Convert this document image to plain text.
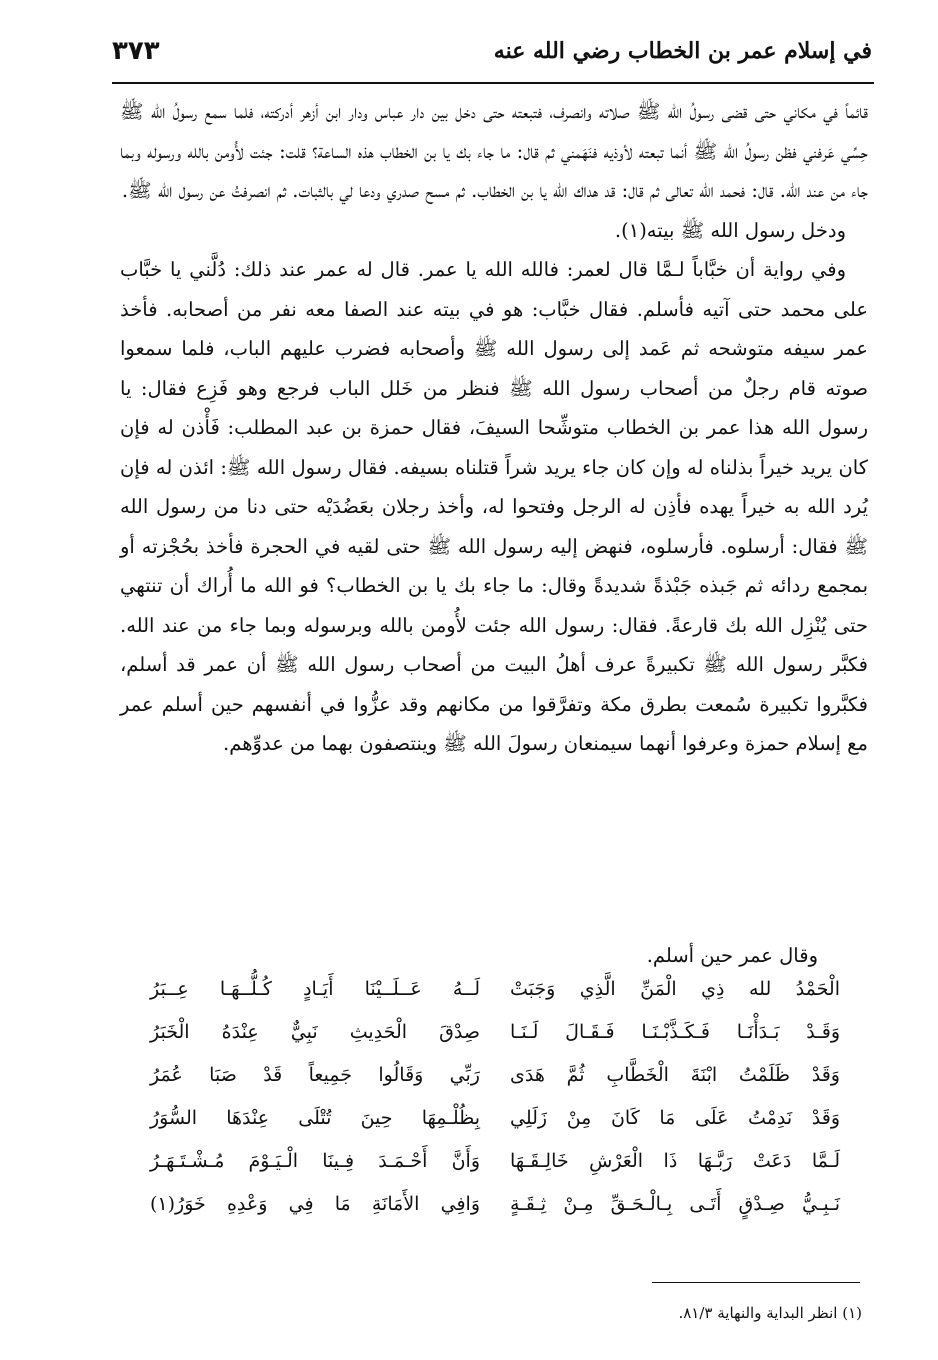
في إسلام عمر بن الخطاب رضي الله عنه
٣٧٣

قائماً في مكاني حتى قضى رسولُ الله ﷺ صلاته وانصرف، فتبعته حتى دخل بين دار عباس ودار ابن أزهر أدركته، فلما سمع رسولُ الله ﷺ حِسِّي عَرفني فظن رسولُ الله ﷺ أنما تبعته لأوذيه فنَهَمني ثم قال: ما جاء بك يا بن الخطاب هذه الساعة؟ قلت: جئت لأُومن بالله ورسوله وبما جاء من عند الله. قال: فحمد الله تعالى ثم قال: قد هداك الله يا بن الخطاب. ثم مسح صدري ودعا لي بالثبات. ثم انصرفتُ عن رسول الله ﷺ.

ودخل رسول الله ﷺ بيته(١).

وفي رواية أن خبَّاباً لـمَّا قال لعمر: فالله الله يا عمر. قال له عمر عند ذلك: دُلَّني يا خبَّاب على محمد حتى آتيه فأسلم. فقال خبَّاب: هو في بيته عند الصفا معه نفر من أصحابه. فأخذ عمر سيفه متوشحه ثم عَمد إلى رسول الله ﷺ وأصحابه فضرب عليهم الباب، فلما سمعوا صوته قام رجلٌ من أصحاب رسول الله ﷺ فنظر من خَلل الباب فرجع وهو فَزِع فقال: يا رسول الله هذا عمر بن الخطاب متوشِّحا السيفَ، فقال حمزة بن عبد المطلب: فَأْذن له فإن كان يريد خيراً بذلناه له وإن كان جاء يريد شراً قتلناه بسيفه. فقال رسول الله ﷺ: ائذن له فإن يُرد الله به خيراً يهده فأذِن له الرجل وفتحوا له، وأخذ رجلان بعَضُدَيْه حتى دنا من رسول الله ﷺ فقال: أرسلوه. فأرسلوه، فنهض إليه رسول الله ﷺ حتى لقيه في الحجرة فأخذ بحُجْزته أو بمجمع ردائه ثم جَبذه جَبْذةً شديدةً وقال: ما جاء بك يا بن الخطاب؟ فو الله ما أُراك أن تنتهي حتى يُنْزِل الله بك قارعةً. فقال: رسول الله جئت لأُومن بالله وبرسوله وبما جاء من عند الله. فكبَّر رسول الله ﷺ تكبيرةً عرف أهلُ البيت من أصحاب رسول الله ﷺ أن عمر قد أسلم، فكبَّروا تكبيرة سُمعت بطرق مكة وتفرَّقوا من مكانهم وقد عزُّوا في أنفسهم حين أسلم عمر مع إسلام حمزة وعرفوا أنهما سيمنعان رسولَ الله ﷺ وينتصفون بهما من عدوِّهم.

وقال عمر حين أسلم.
الْحَمْدُ لله ذِي الْمَنِّ الَّذِي وَجَبَتْ
لَــهُ عَــلَــيْنَا أَيَـادٍ كُـلُّــهَـا عِــبَرُ
وَقَـدْ بَـدَأْنَـا فَـكَـذَّبْـنَـا فَـقَـالَ لَـنَـا
صِدْقَ الْحَدِيثِ نَبِيٌّ عِنْدَهُ الْخَبَرُ
وَقَدْ ظَلَمْتُ ابْنَةَ الْخَطَّابِ ثُمَّ هَدَى
رَبِّي وَقَالُوا جَمِيعاً قَدْ صَبَا عُمَرُ
وَقَدْ نَدِمْتُ عَلَى مَا كَانَ مِنْ زَلَلِي
بِظُلْـمِهَا حِينَ تُتْلَى عِنْدَهَا السُّوَرُ
لَـمَّا دَعَتْ رَبَّـهَا ذَا الْعَرْشِ خَالِـقَـهَا
وَأَنَّ أَحْـمَـدَ فِـينَا الْـيَـوْمَ مُـشْـتَـهَـرُ
نَـبِـيُّ صِـدْقٍ أَتَـى بِـالْـحَـقِّ مِـنْ ثِـقَـةٍ
وَافِي الأَمَانَةِ مَا فِي وَعْدِهِ خَوَرُ(١)
(١) انظر البداية والنهاية ٨١/٣.
